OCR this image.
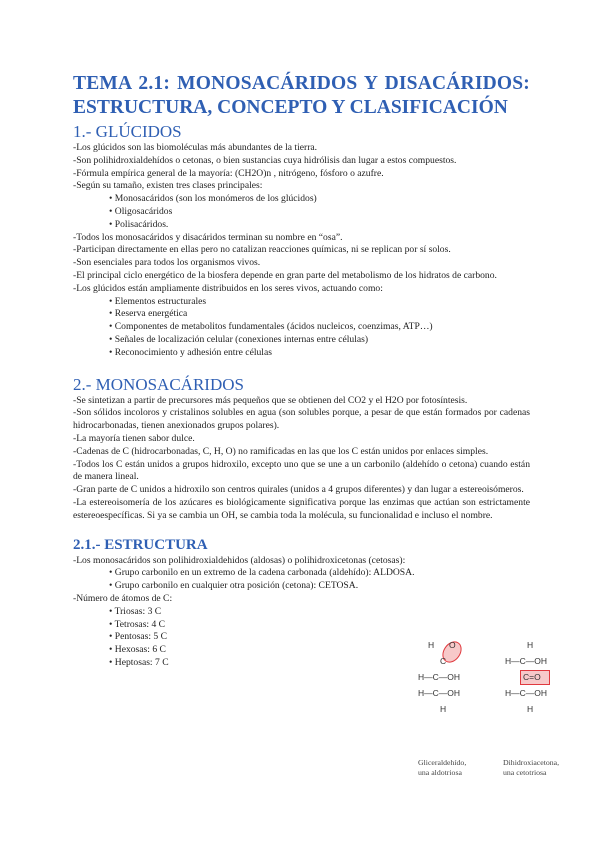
TEMA 2.1: MONOSACÁRIDOS Y DISACÁRIDOS:
ESTRUCTURA, CONCEPTO Y CLASIFICACIÓN
1.- GLÚCIDOS

-Los glúcidos son las biomoléculas más abundantes de la tierra.

-Son polihidroxialdehídos o cetonas, o bien sustancias cuya hidrólisis dan lugar a estos compuestos.

-Fórmula empírica general de la mayoría: (CH2O)n , nitrógeno, fósforo o azufre.

-Según su tamaño, existen tres clases principales:

• Monosacáridos (son los monómeros de los glúcidos)
• Oligosacáridos
• Polisacáridos.

-Todos los monosacáridos y disacáridos terminan su nombre en “osa”.

-Participan directamente en ellas pero no catalizan reacciones químicas, ni se replican por sí solos.

-Son esenciales para todos los organismos vivos.

-El principal ciclo energético de la biosfera depende en gran parte del metabolismo de los hidratos de carbono.

-Los glúcidos están ampliamente distribuidos en los seres vivos, actuando como:

• Elementos estructurales
• Reserva energética
• Componentes de metabolitos fundamentales (ácidos nucleicos, coenzimas, ATP…)
• Señales de localización celular (conexiones internas entre células)
• Reconocimiento y adhesión entre células
2.- MONOSACÁRIDOS

-Se sintetizan a partir de precursores más pequeños que se obtienen del CO2 y el H2O por fotosíntesis.

-Son sólidos incoloros y cristalinos solubles en agua (son solubles porque, a pesar de que están formados por cadenas hidrocarbonadas, tienen anexionados grupos polares).

-La mayoría tienen sabor dulce.

-Cadenas de C (hidrocarbonadas, C, H, O) no ramificadas en las que los C están unidos por enlaces simples.

-Todos los C están unidos a grupos hidroxilo, excepto uno que se une a un carbonilo (aldehído o cetona) cuando están de manera lineal.

-Gran parte de C unidos a hidroxilo son centros quirales (unidos a 4 grupos diferentes) y dan lugar a estereoisómeros.

-La estereoisomería de los azúcares es biológicamente significativa porque las enzimas que actúan son estrictamente estereoespecíficas. Si ya se cambia un OH, se cambia toda la molécula, su funcionalidad e incluso el nombre.

2.1.- ESTRUCTURA

-Los monosacáridos son polihidroxialdehidos (aldosas) o polihidroxicetonas (cetosas):

• Grupo carbonilo en un extremo de la cadena carbonada (aldehído): ALDOSA.
• Grupo carbonilo en cualquier otra posición (cetona): CETOSA.

-Número de átomos de C:

• Triosas: 3 C
• Tetrosas: 4 C
• Pentosas: 5 C
• Hexosas: 6 C
• Heptosas: 7 C
H O
C
H—C—OH
H—C—OH
H
Gliceraldehído,
una aldotriosa
H
H—C—OH
C=O
H—C—OH
H
Dihidroxiacetona,
una cetotriosa
